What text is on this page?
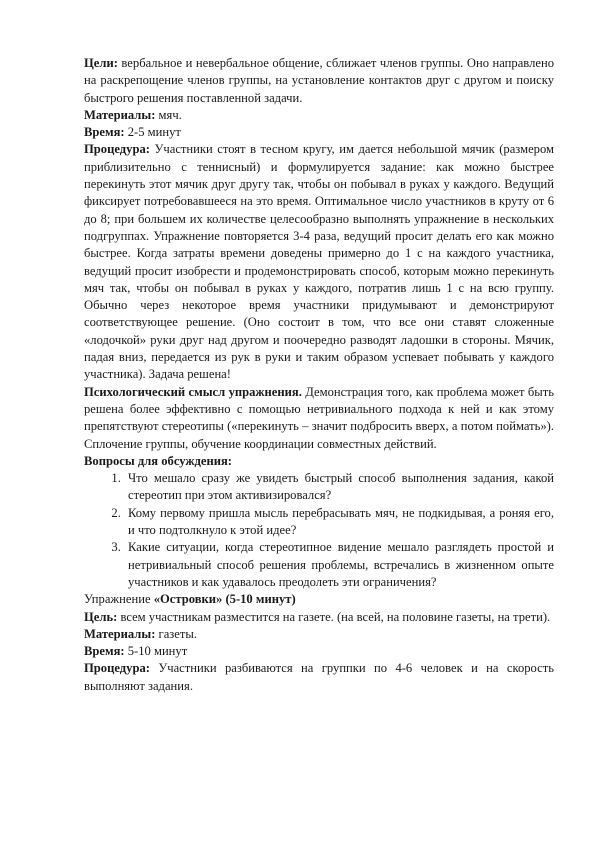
Цели: вербальное и невербальное общение, сближает членов группы. Оно направлено на раскрепощение членов группы, на установление контактов друг с другом и поиску быстрого решения поставленной задачи.

Материалы: мяч.

Время: 2-5 минут

Процедура: Участники стоят в тесном кругу, им дается небольшой мячик (размером приблизительно с теннисный) и формулируется задание: как можно быстрее перекинуть этот мячик друг другу так, чтобы он побывал в руках у каждого. Ведущий фиксирует потребовавшееся на это время. Оптимальное число участников в круту от 6 до 8; при большем их количестве целесообразно выполнять упражнение в нескольких подгруппах. Упражнение повторяется 3-4 раза, ведущий просит делать его как можно быстрее. Когда затраты времени доведены примерно до 1 с на каждого участника, ведущий просит изобрести и продемонстрировать способ, которым можно перекинуть мяч так, чтобы он побывал в руках у каждого, потратив лишь 1 с на всю группу. Обычно через некоторое время участники придумывают и демонстрируют соответствующее решение. (Оно состоит в том, что все они ставят сложенные «лодочкой» руки друг над другом и поочередно разводят ладошки в стороны. Мячик, падая вниз, передается из рук в руки и таким образом успевает побывать у каждого участника). Задача решена!

Психологический смысл упражнения. Демонстрация того, как проблема может быть решена более эффективно с помощью нетривиального подхода к ней и как этому препятствуют стереотипы («перекинуть – значит подбросить вверх, а потом поймать»). Сплочение группы, обучение координации совместных действий.

Вопросы для обсуждения:

1. Что мешало сразу же увидеть быстрый способ выполнения задания, какой стереотип при этом активизировался?
2. Кому первому пришла мысль перебрасывать мяч, не подкидывая, а роняя его, и что подтолкнуло к этой идее?
3. Какие ситуации, когда стереотипное видение мешало разглядеть простой и нетривиальный способ решения проблемы, встречались в жизненном опыте участников и как удавалось преодолеть эти ограничения?

Упражнение «Островки» (5-10 минут)

Цель: всем участникам разместится на газете. (на всей, на половине газеты, на трети).

Материалы: газеты.

Время: 5-10 минут

Процедура: Участники разбиваются на группки по 4-6 человек и на скорость выполняют задания.
